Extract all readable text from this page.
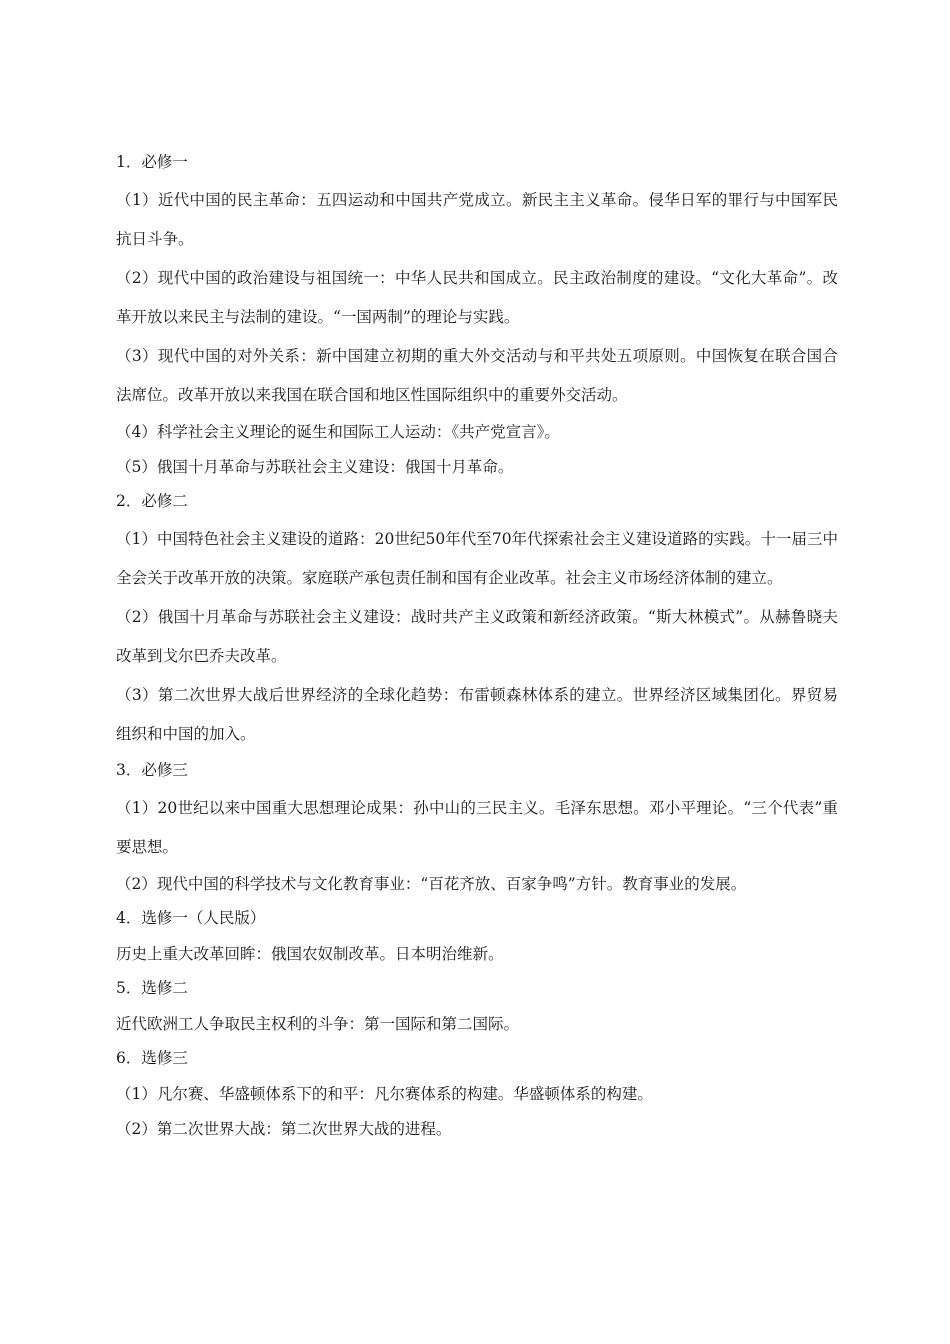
1．必修一

（1）近代中国的民主革命：五四运动和中国共产党成立。新民主主义革命。侵华日军的罪行与中国军民抗日斗争。

（2）现代中国的政治建设与祖国统一：中华人民共和国成立。民主政治制度的建设。“文化大革命”。改革开放以来民主与法制的建设。“一国两制”的理论与实践。

（3）现代中国的对外关系：新中国建立初期的重大外交活动与和平共处五项原则。中国恢复在联合国合法席位。改革开放以来我国在联合国和地区性国际组织中的重要外交活动。

（4）科学社会主义理论的诞生和国际工人运动：《共产党宣言》。

（5）俄国十月革命与苏联社会主义建设：俄国十月革命。

2．必修二

（1）中国特色社会主义建设的道路：20世纪50年代至70年代探索社会主义建设道路的实践。十一届三中全会关于改革开放的决策。家庭联产承包责任制和国有企业改革。社会主义市场经济体制的建立。

（2）俄国十月革命与苏联社会主义建设：战时共产主义政策和新经济政策。“斯大林模式”。从赫鲁晓夫改革到戈尔巴乔夫改革。

（3）第二次世界大战后世界经济的全球化趋势：布雷顿森林体系的建立。世界经济区域集团化。界贸易组织和中国的加入。

3．必修三

（1）20世纪以来中国重大思想理论成果：孙中山的三民主义。毛泽东思想。邓小平理论。“三个代表”重要思想。

（2）现代中国的科学技术与文化教育事业：“百花齐放、百家争鸣”方针。教育事业的发展。

4．选修一（人民版）

历史上重大改革回眸：俄国农奴制改革。日本明治维新。

5．选修二

近代欧洲工人争取民主权利的斗争：第一国际和第二国际。

6．选修三

（1）凡尔赛、华盛顿体系下的和平：凡尔赛体系的构建。华盛顿体系的构建。

（2）第二次世界大战：第二次世界大战的进程。
